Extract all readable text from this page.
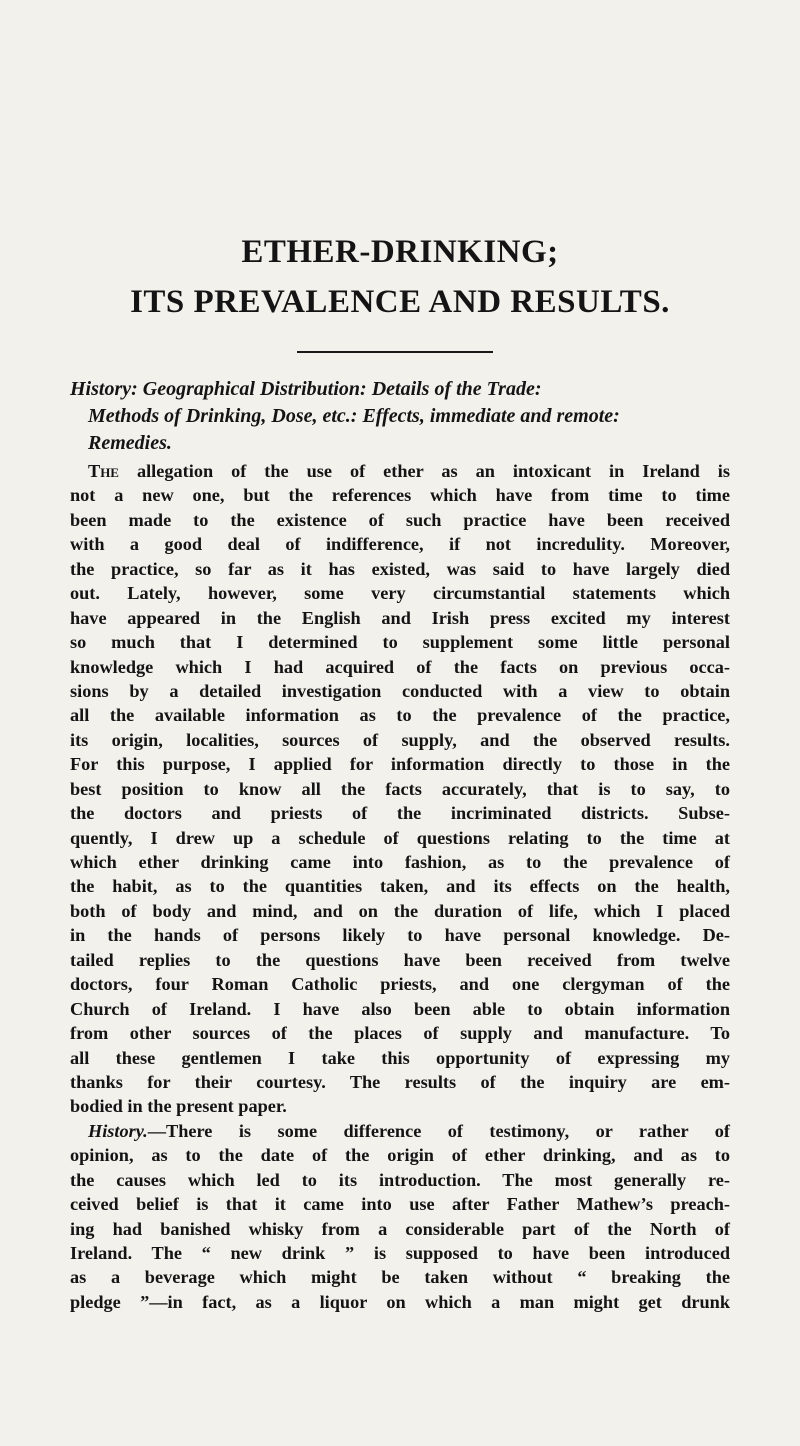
ETHER-DRINKING;
ITS PREVALENCE AND RESULTS.
History: Geographical Distribution: Details of the Trade:
Methods of Drinking, Dose, etc.: Effects, immediate and remote:
Remedies.
The allegation of the use of ether as an intoxicant in Ireland is
not a new one, but the references which have from time to time
been made to the existence of such practice have been received
with a good deal of indifference, if not incredulity. Moreover,
the practice, so far as it has existed, was said to have largely died
out. Lately, however, some very circumstantial statements which
have appeared in the English and Irish press excited my interest
so much that I determined to supplement some little personal
knowledge which I had acquired of the facts on previous occa-
sions by a detailed investigation conducted with a view to obtain
all the available information as to the prevalence of the practice,
its origin, localities, sources of supply, and the observed results.
For this purpose, I applied for information directly to those in the
best position to know all the facts accurately, that is to say, to
the doctors and priests of the incriminated districts. Subse-
quently, I drew up a schedule of questions relating to the time at
which ether drinking came into fashion, as to the prevalence of
the habit, as to the quantities taken, and its effects on the health,
both of body and mind, and on the duration of life, which I placed
in the hands of persons likely to have personal knowledge. De-
tailed replies to the questions have been received from twelve
doctors, four Roman Catholic priests, and one clergyman of the
Church of Ireland. I have also been able to obtain information
from other sources of the places of supply and manufacture. To
all these gentlemen I take this opportunity of expressing my
thanks for their courtesy. The results of the inquiry are em-
bodied in the present paper.
History.—There is some difference of testimony, or rather of
opinion, as to the date of the origin of ether drinking, and as to
the causes which led to its introduction. The most generally re-
ceived belief is that it came into use after Father Mathew’s preach-
ing had banished whisky from a considerable part of the North of
Ireland. The “ new drink ” is supposed to have been introduced
as a beverage which might be taken without “ breaking the
pledge ”—in fact, as a liquor on which a man might get drunk
